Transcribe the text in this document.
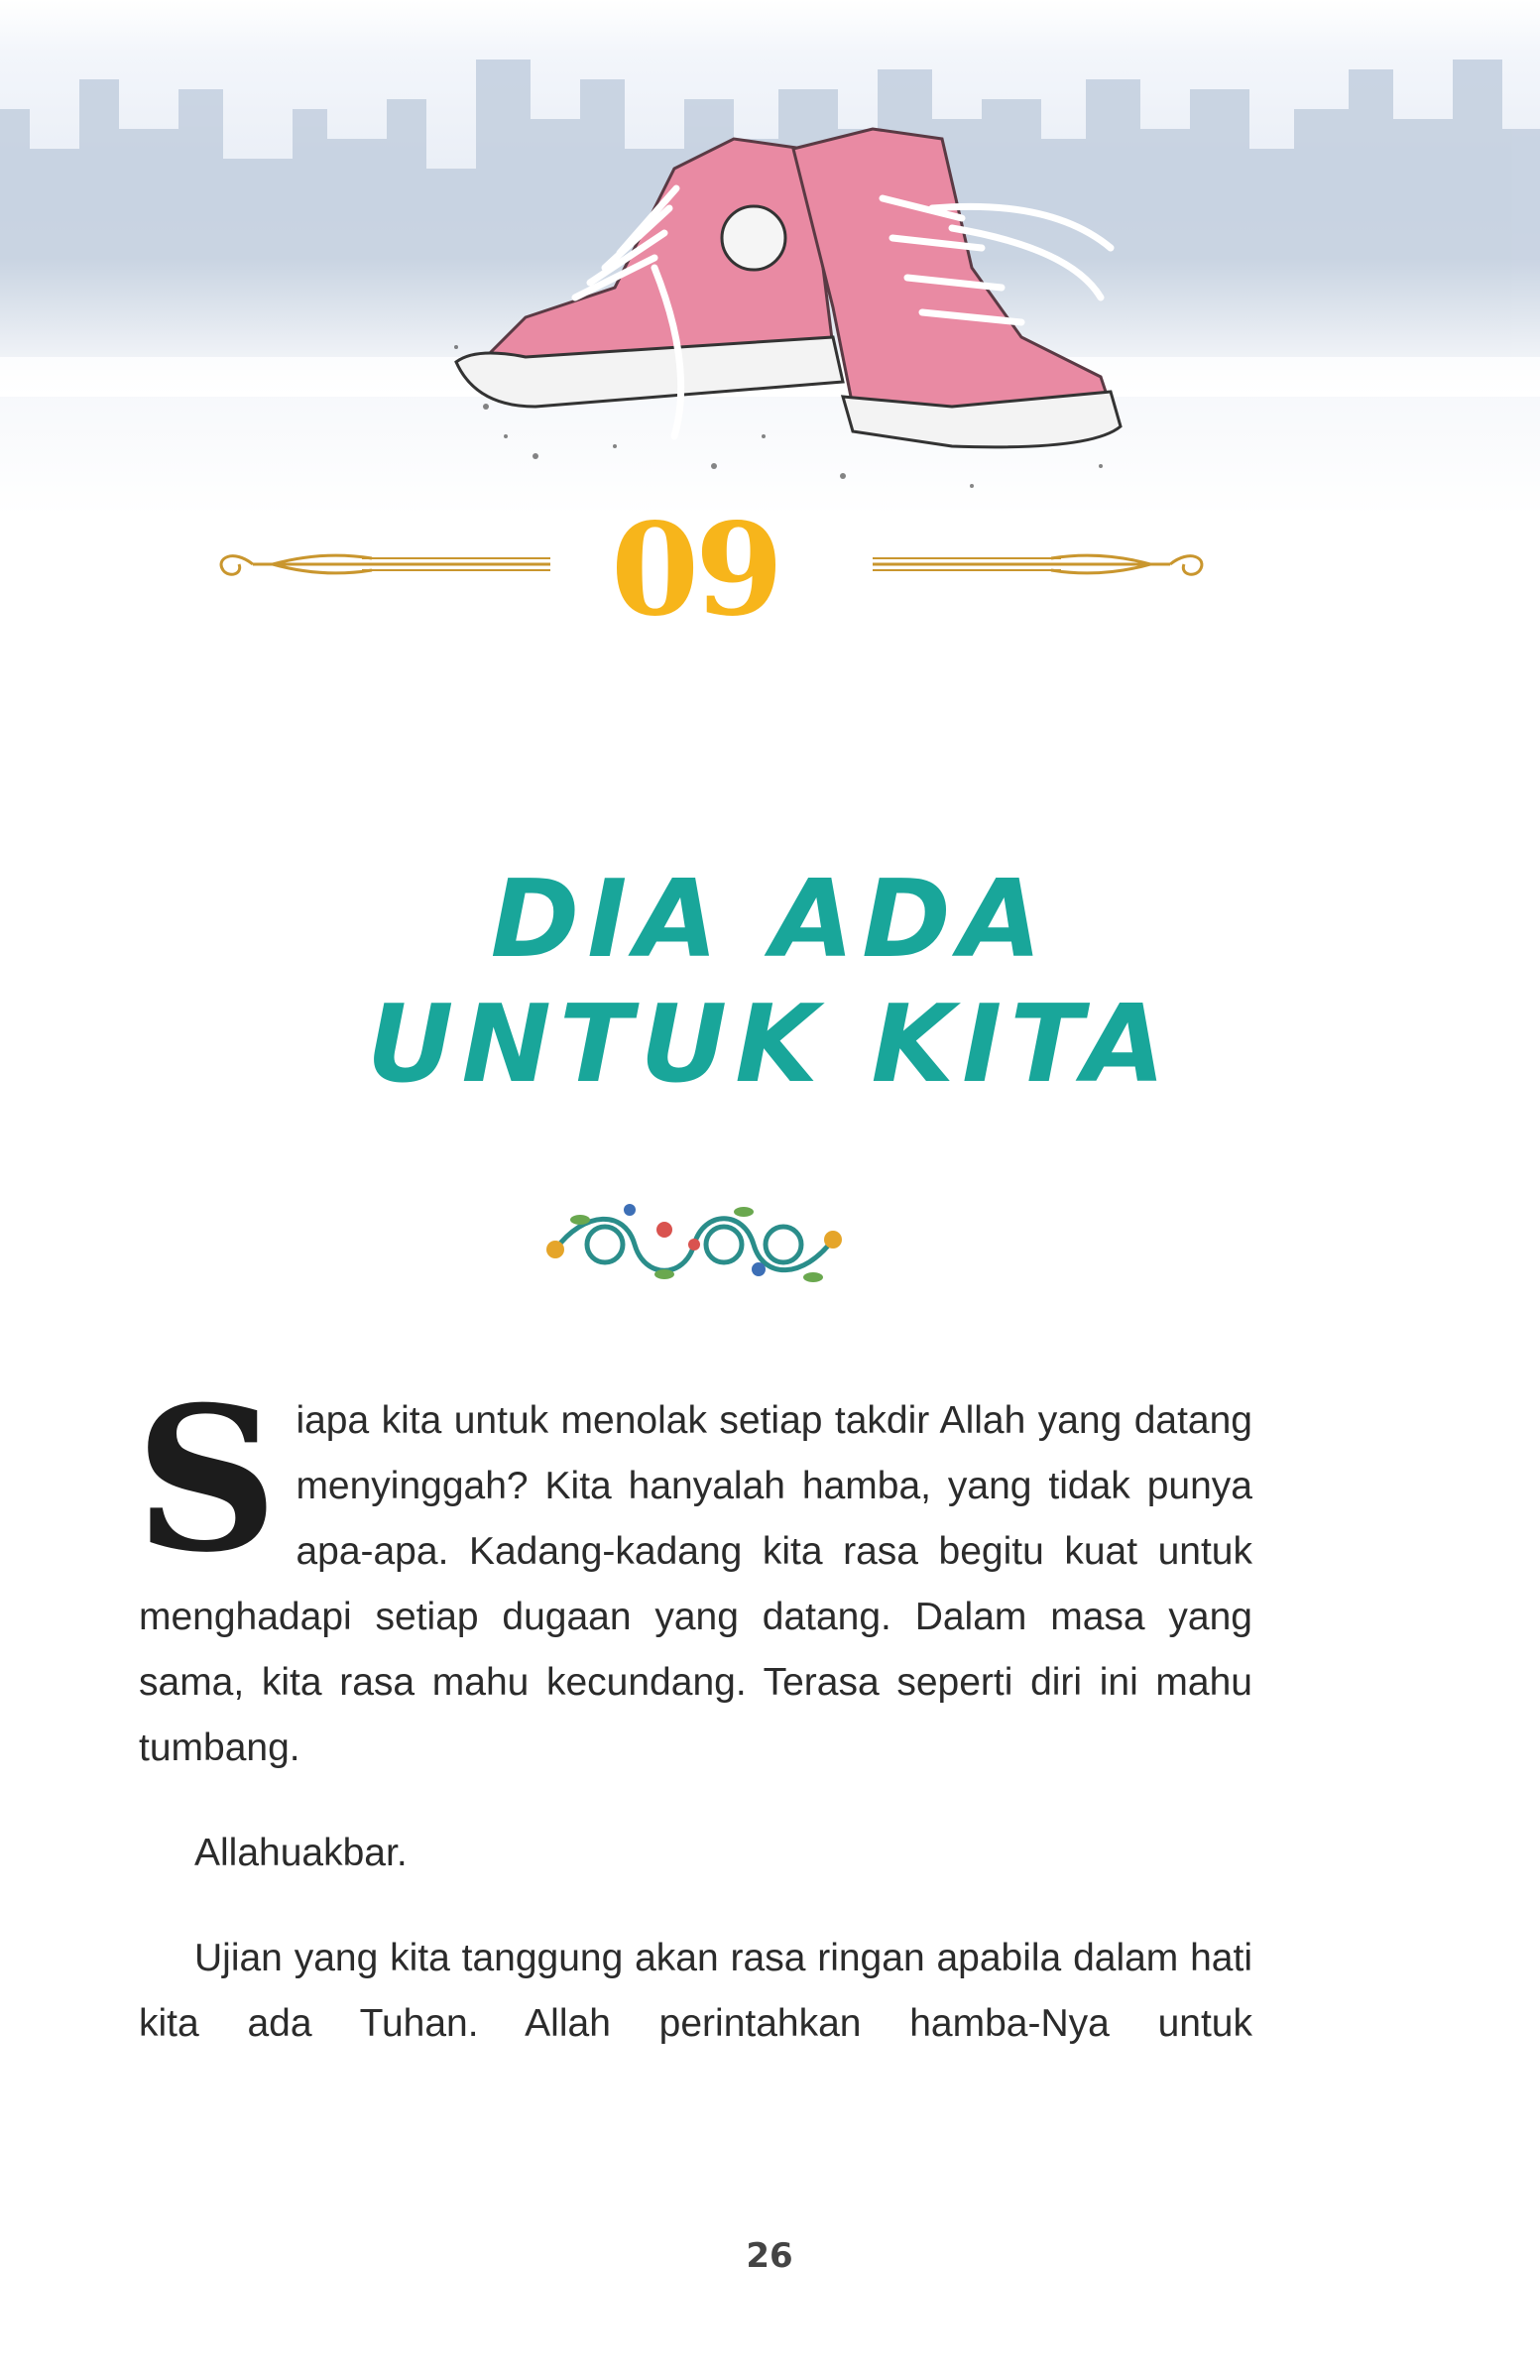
09
DIA ADA
UNTUK KITA

S iapa kita untuk menolak setiap takdir Allah yang datang menyinggah? Kita hanyalah hamba, yang tidak punya apa-apa. Kadang-kadang kita rasa begitu kuat untuk menghadapi setiap dugaan yang datang. Dalam masa yang sama, kita rasa mahu kecundang. Terasa seperti diri ini mahu tumbang.

Allahuakbar.

Ujian yang kita tanggung akan rasa ringan apabila dalam hati kita ada Tuhan. Allah perintahkan hamba-Nya untuk

26
